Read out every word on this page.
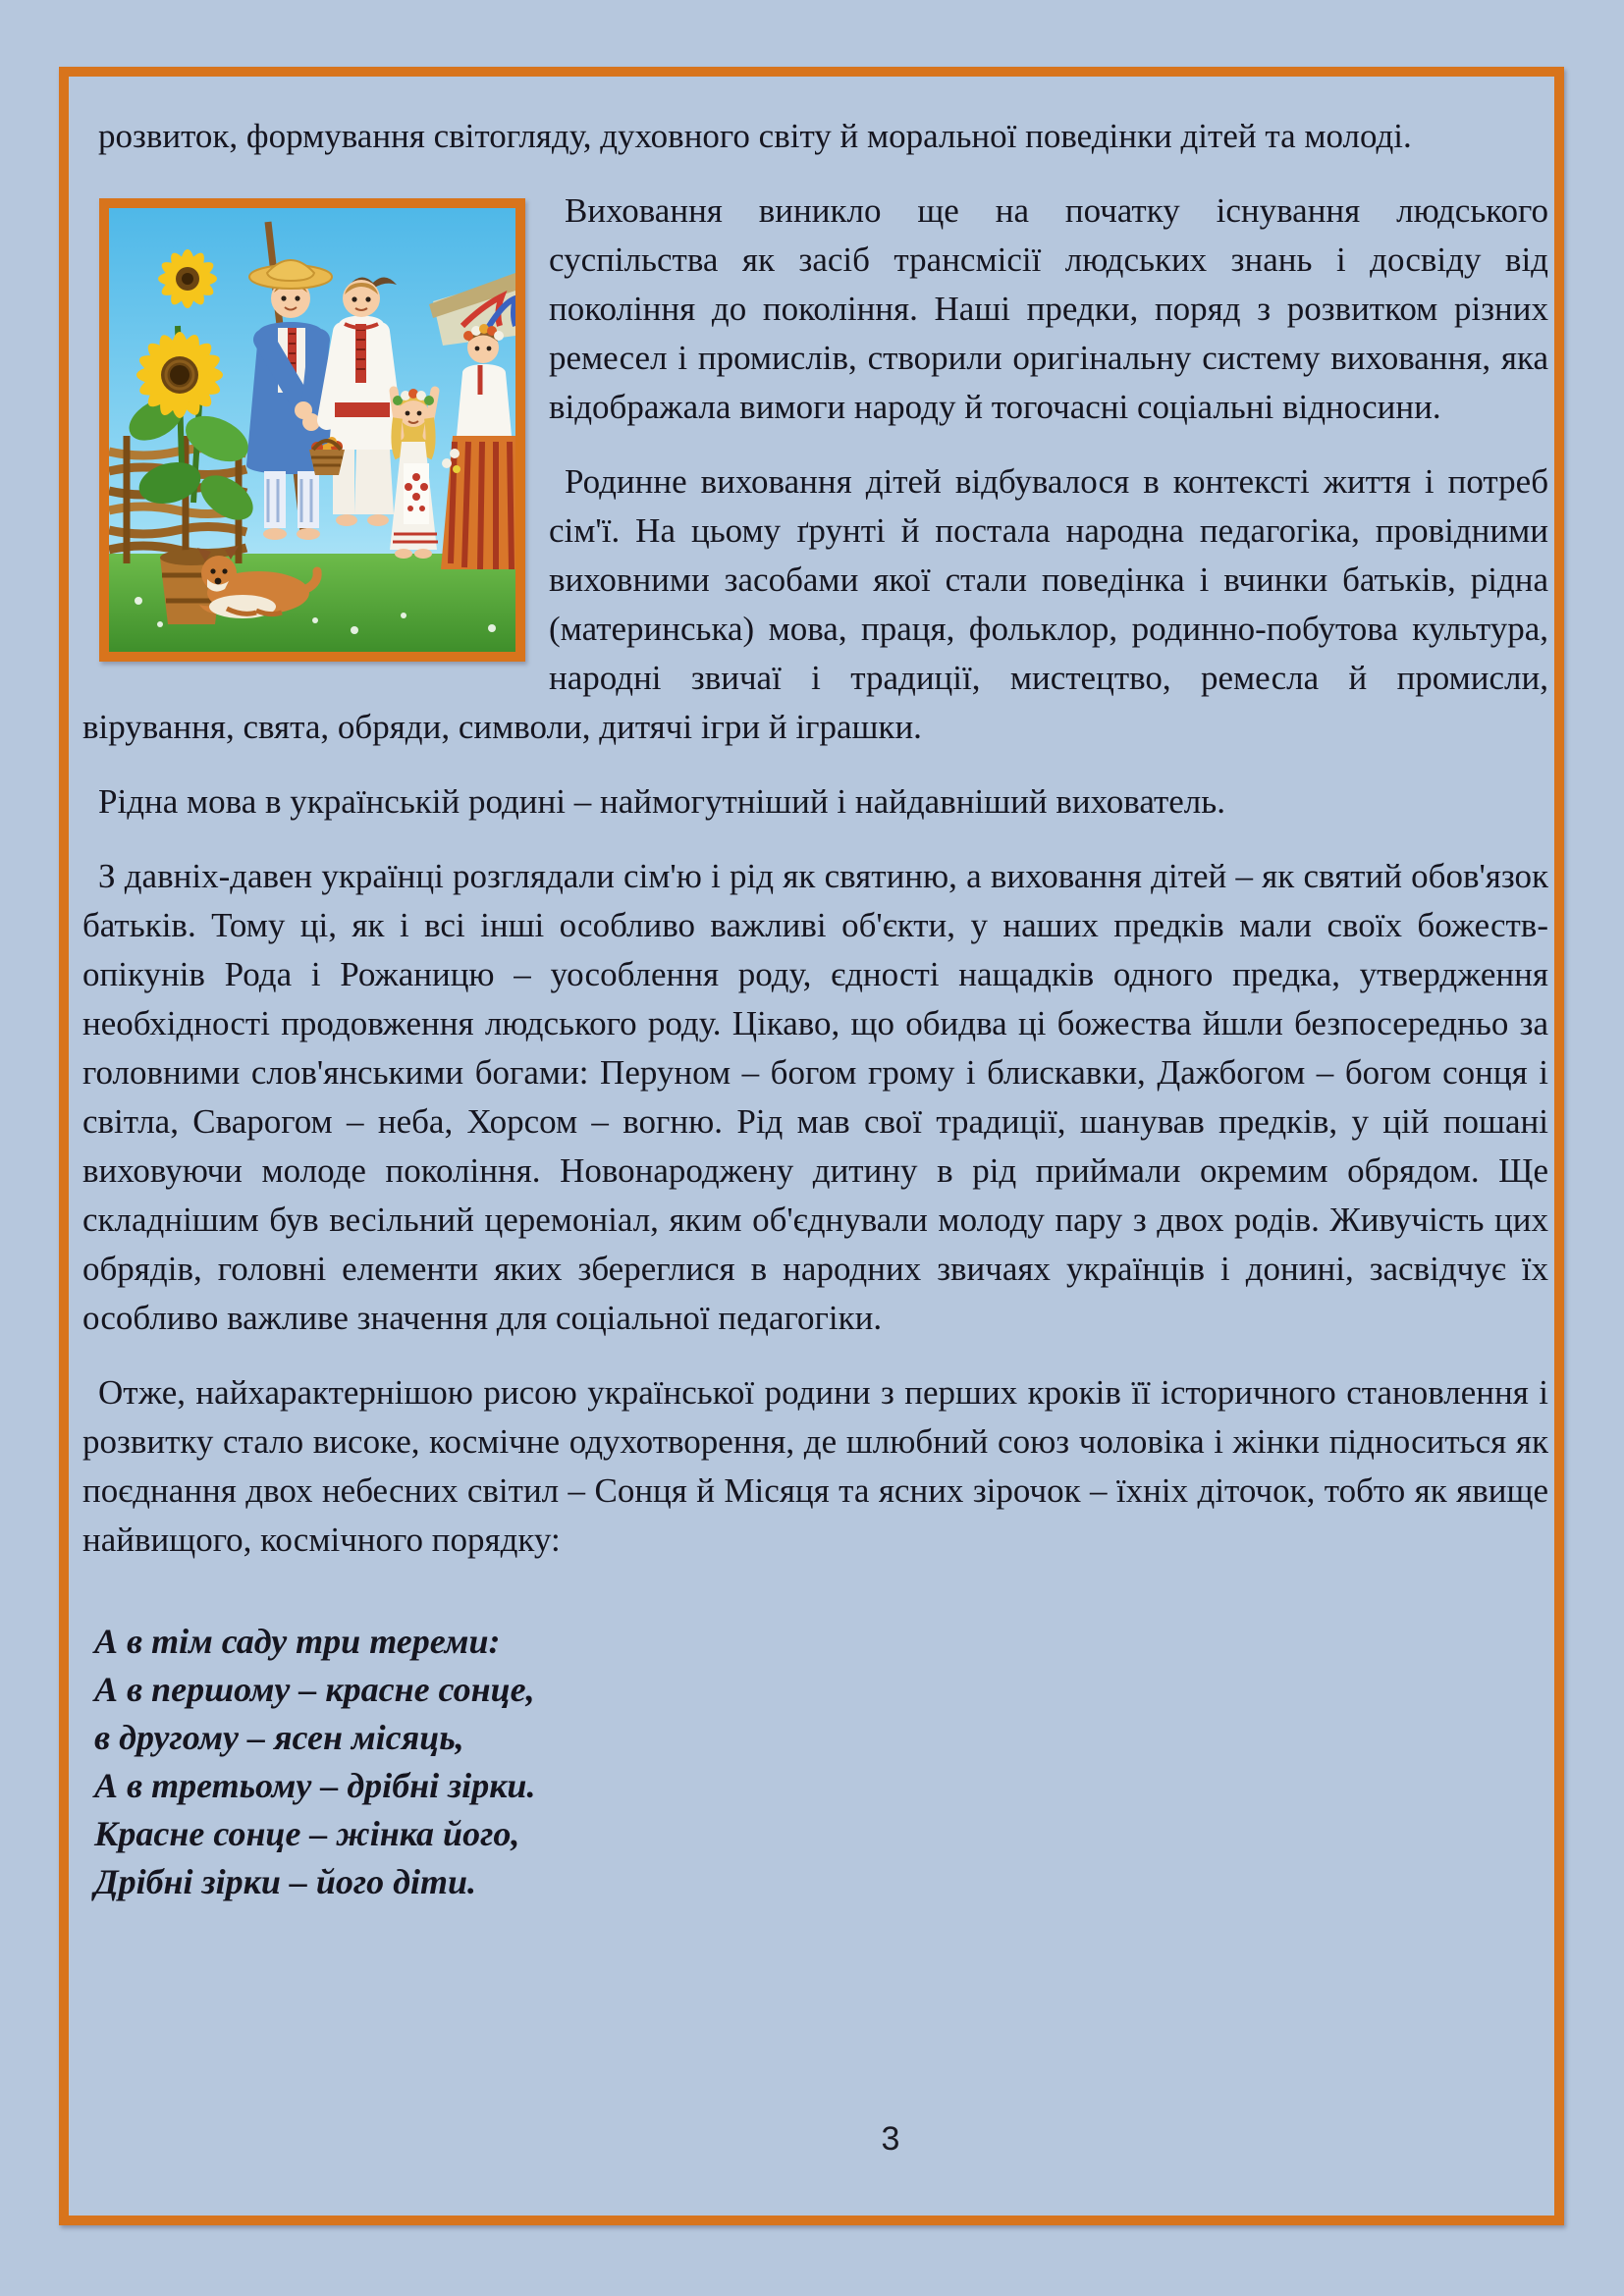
розвиток, формування світогляду, духовного світу й моральної поведінки дітей та молоді.

Виховання виникло ще на початку існування людського суспільства як засіб трансмісії людських знань і досвіду від покоління до покоління. Наші предки, поряд з розвитком різних ремесел і промислів, створили оригінальну систему виховання, яка відображала вимоги народу й тогочасні соціальні відносини.

Родинне виховання дітей відбувалося в контексті життя і потреб сім'ї. На цьому ґрунті й постала народна педагогіка, провідними виховними засобами якої стали поведінка і вчинки батьків, рідна (материнська) мова, праця, фольклор, родинно-побутова культура, народні звичаї і традиції, мистецтво, ремесла й промисли, вірування, свята, обряди, символи, дитячі ігри й іграшки.

Рідна мова в українській родині – наймогутніший і найдавніший вихователь.

З давніх-давен українці розглядали сім'ю і рід як святиню, а виховання дітей – як святий обов'язок батьків. Тому ці, як і всі інші особливо важливі об'єкти, у наших предків мали своїх божеств-опікунів Рода і Рожаницю – уособлення роду, єдності нащадків одного предка, утвердження необхідності продовження людського роду. Цікаво, що обидва ці божества йшли безпосередньо за головними слов'янськими богами: Перуном – богом грому і блискавки, Дажбогом – богом сонця і світла, Сварогом – неба, Хорсом – вогню. Рід мав свої традиції, шанував предків, у цій пошані виховуючи молоде покоління. Новонароджену дитину в рід приймали окремим обрядом. Ще складнішим був весільний церемоніал, яким об'єднували молоду пару з двох родів. Живучість цих обрядів, головні елементи яких збереглися в народних звичаях українців і донині, засвідчує їх особливо важливе значення для соціальної педагогіки.

Отже, найхарактернішою рисою української родини з перших кроків її історичного становлення і розвитку стало високе, космічне одухотворення, де шлюбний союз чоловіка і жінки підноситься як поєднання двох небесних світил – Сонця й Місяця та ясних зірочок – їхніх діточок, тобто як явище найвищого, космічного порядку:

А в тім саду три тереми:
А в першому – красне сонце,
в другому – ясен місяць,
А в третьому – дрібні зірки.
Красне сонце – жінка його,
Дрібні зірки – його діти.
3
